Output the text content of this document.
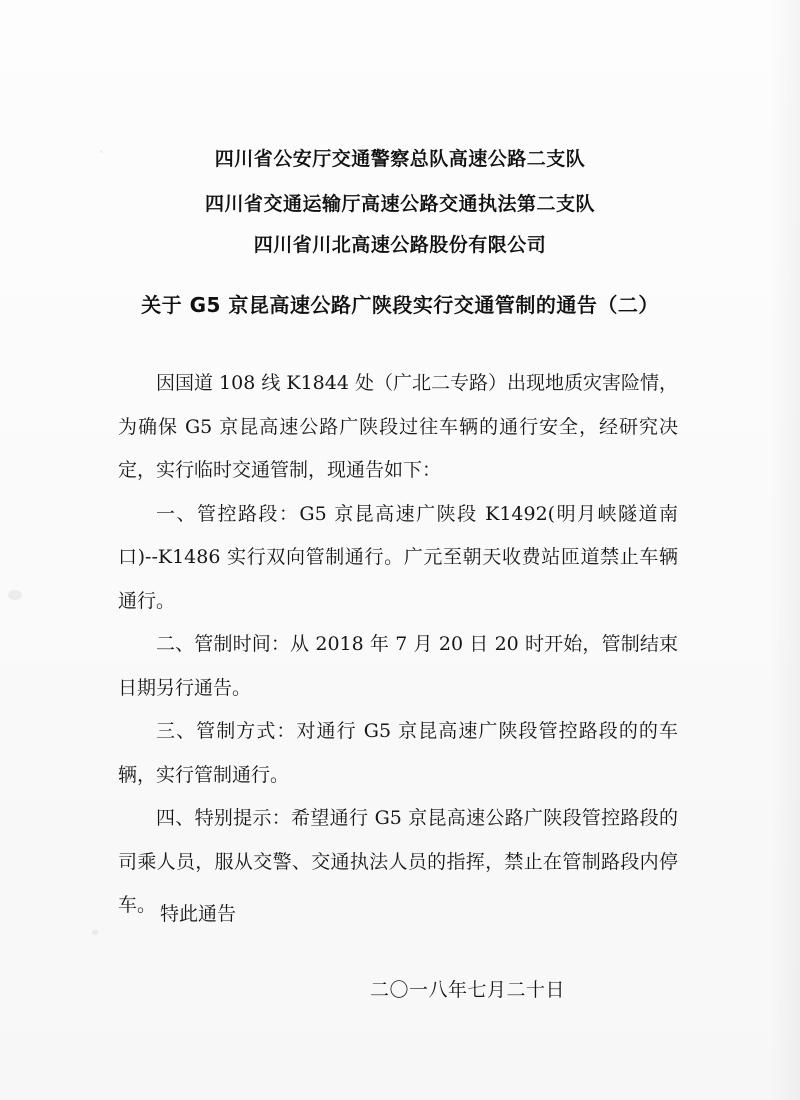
四川省公安厅交通警察总队高速公路二支队
四川省交通运输厅高速公路交通执法第二支队
四川省川北高速公路股份有限公司
关于 G5 京昆高速公路广陕段实行交通管制的通告（二）

因国道 108 线 K1844 处（广北二专路）出现地质灾害险情，为确保 G5 京昆高速公路广陕段过往车辆的通行安全，经研究决定，实行临时交通管制，现通告如下：

一、管控路段：G5 京昆高速广陕段 K1492(明月峡隧道南口)--K1486 实行双向管制通行。广元至朝天收费站匝道禁止车辆通行。

二、管制时间：从 2018 年 7 月 20 日 20 时开始，管制结束日期另行通告。

三、管制方式：对通行 G5 京昆高速广陕段管控路段的的车辆，实行管制通行。

四、特别提示：希望通行 G5 京昆高速公路广陕段管控路段的司乘人员，服从交警、交通执法人员的指挥，禁止在管制路段内停车。 特此通告
二〇一八年七月二十日
